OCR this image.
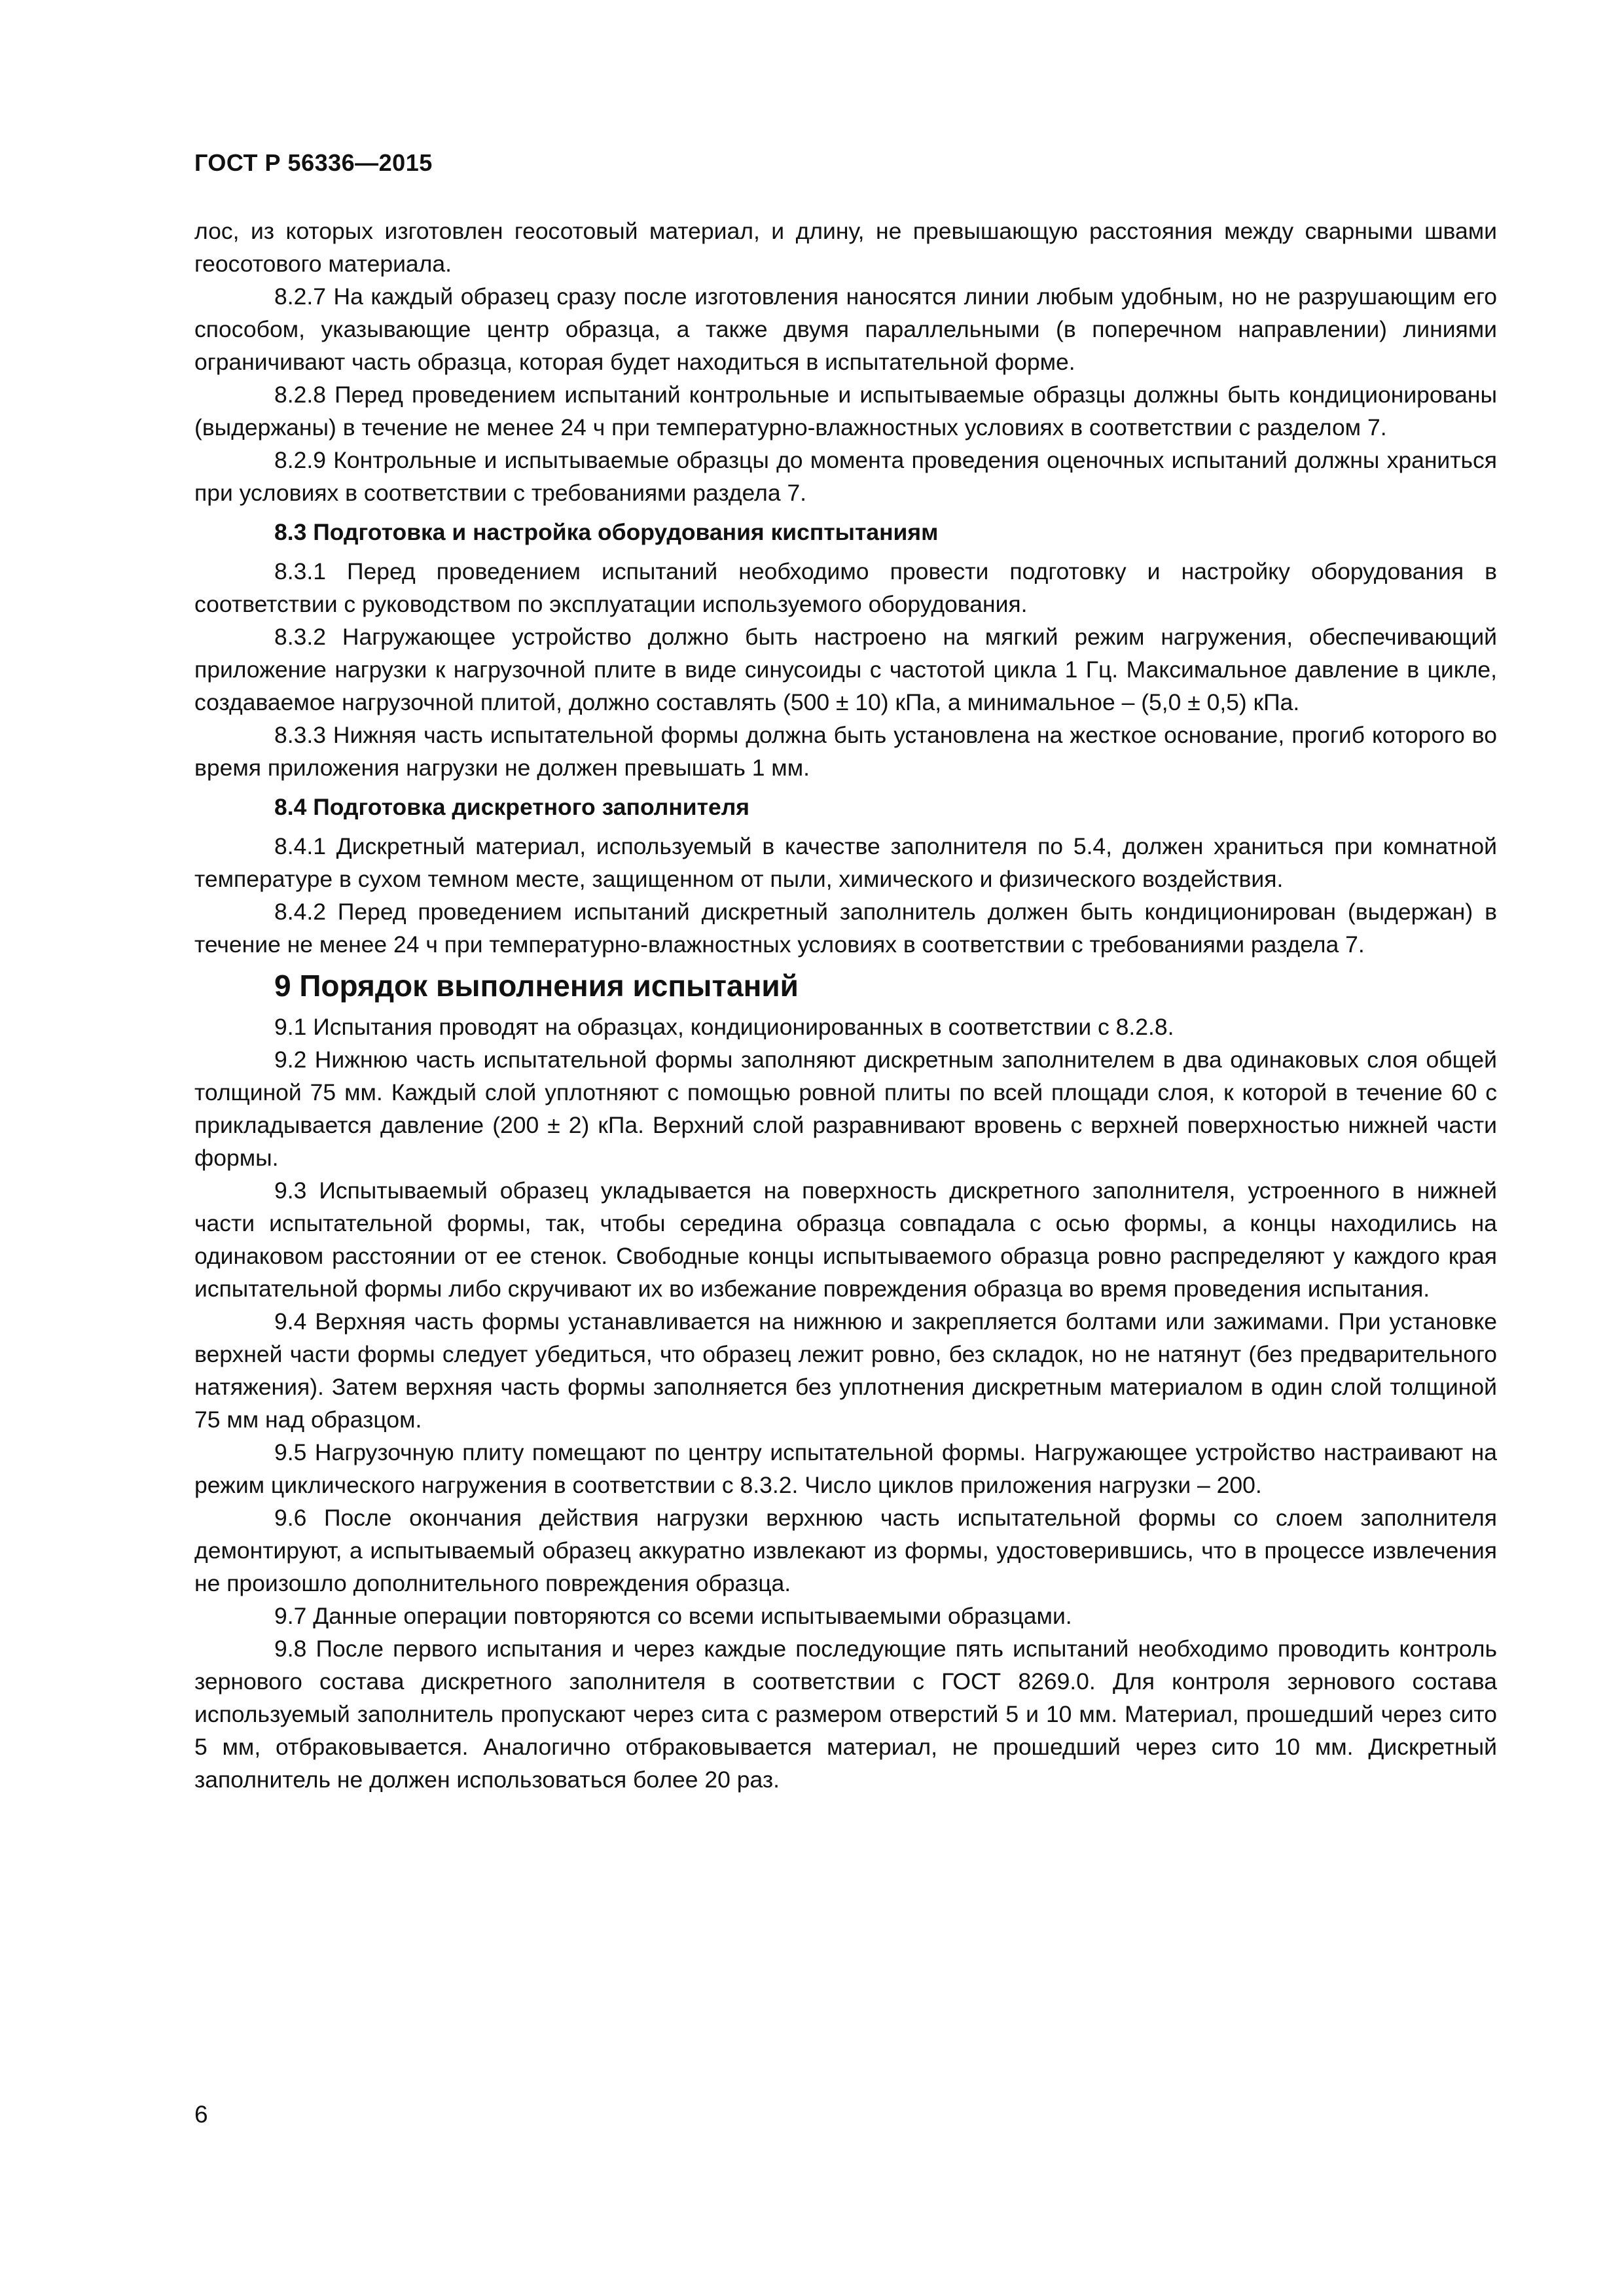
ГОСТ Р 56336—2015

лос, из которых изготовлен геосотовый материал, и длину, не превышающую расстояния между сварными швами геосотового материала.

8.2.7 На каждый образец сразу после изготовления наносятся линии любым удобным, но не разрушающим его способом, указывающие центр образца, а также двумя параллельными (в поперечном направлении) линиями ограничивают часть образца, которая будет находиться в испытательной форме.

8.2.8 Перед проведением испытаний контрольные и испытываемые образцы должны быть кондиционированы (выдержаны) в течение не менее 24 ч при температурно-влажностных условиях в соответствии с разделом 7.

8.2.9 Контрольные и испытываемые образцы до момента проведения оценочных испытаний должны храниться при условиях в соответствии с требованиями раздела 7.

8.3 Подготовка и настройка оборудования кисптытаниям

8.3.1 Перед проведением испытаний необходимо провести подготовку и настройку оборудования в соответствии с руководством по эксплуатации используемого оборудования.

8.3.2 Нагружающее устройство должно быть настроено на мягкий режим нагружения, обеспечивающий приложение нагрузки к нагрузочной плите в виде синусоиды с частотой цикла 1 Гц. Максимальное давление в цикле, создаваемое нагрузочной плитой, должно составлять (500 ± 10) кПа, а минимальное – (5,0 ± 0,5) кПа.

8.3.3 Нижняя часть испытательной формы должна быть установлена на жесткое основание, прогиб которого во время приложения нагрузки не должен превышать 1 мм.

8.4 Подготовка дискретного заполнителя

8.4.1 Дискретный материал, используемый в качестве заполнителя по 5.4, должен храниться при комнатной температуре в сухом темном месте, защищенном от пыли, химического и физического воздействия.

8.4.2 Перед проведением испытаний дискретный заполнитель должен быть кондиционирован (выдержан) в течение не менее 24 ч при температурно-влажностных условиях в соответствии с требованиями раздела 7.

9 Порядок выполнения испытаний

9.1 Испытания проводят на образцах, кондиционированных в соответствии с 8.2.8.

9.2 Нижнюю часть испытательной формы заполняют дискретным заполнителем в два одинаковых слоя общей толщиной 75 мм. Каждый слой уплотняют с помощью ровной плиты по всей площади слоя, к которой в течение 60 с прикладывается давление (200 ± 2) кПа. Верхний слой разравнивают вровень с верхней поверхностью нижней части формы.

9.3 Испытываемый образец укладывается на поверхность дискретного заполнителя, устроенного в нижней части испытательной формы, так, чтобы середина образца совпадала с осью формы, а концы находились на одинаковом расстоянии от ее стенок. Свободные концы испытываемого образца ровно распределяют у каждого края испытательной формы либо скручивают их во избежание повреждения образца во время проведения испытания.

9.4 Верхняя часть формы устанавливается на нижнюю и закрепляется болтами или зажимами. При установке верхней части формы следует убедиться, что образец лежит ровно, без складок, но не натянут (без предварительного натяжения). Затем верхняя часть формы заполняется без уплотнения дискретным материалом в один слой толщиной 75 мм над образцом.

9.5 Нагрузочную плиту помещают по центру испытательной формы. Нагружающее устройство настраивают на режим циклического нагружения в соответствии с 8.3.2. Число циклов приложения нагрузки – 200.

9.6 После окончания действия нагрузки верхнюю часть испытательной формы со слоем заполнителя демонтируют, а испытываемый образец аккуратно извлекают из формы, удостоверившись, что в процессе извлечения не произошло дополнительного повреждения образца.

9.7 Данные операции повторяются со всеми испытываемыми образцами.

9.8 После первого испытания и через каждые последующие пять испытаний необходимо проводить контроль зернового состава дискретного заполнителя в соответствии с ГОСТ 8269.0. Для контроля зернового состава используемый заполнитель пропускают через сита с размером отверстий 5 и 10 мм. Материал, прошедший через сито 5 мм, отбраковывается. Аналогично отбраковывается материал, не прошедший через сито 10 мм. Дискретный заполнитель не должен использоваться более 20 раз.

6
